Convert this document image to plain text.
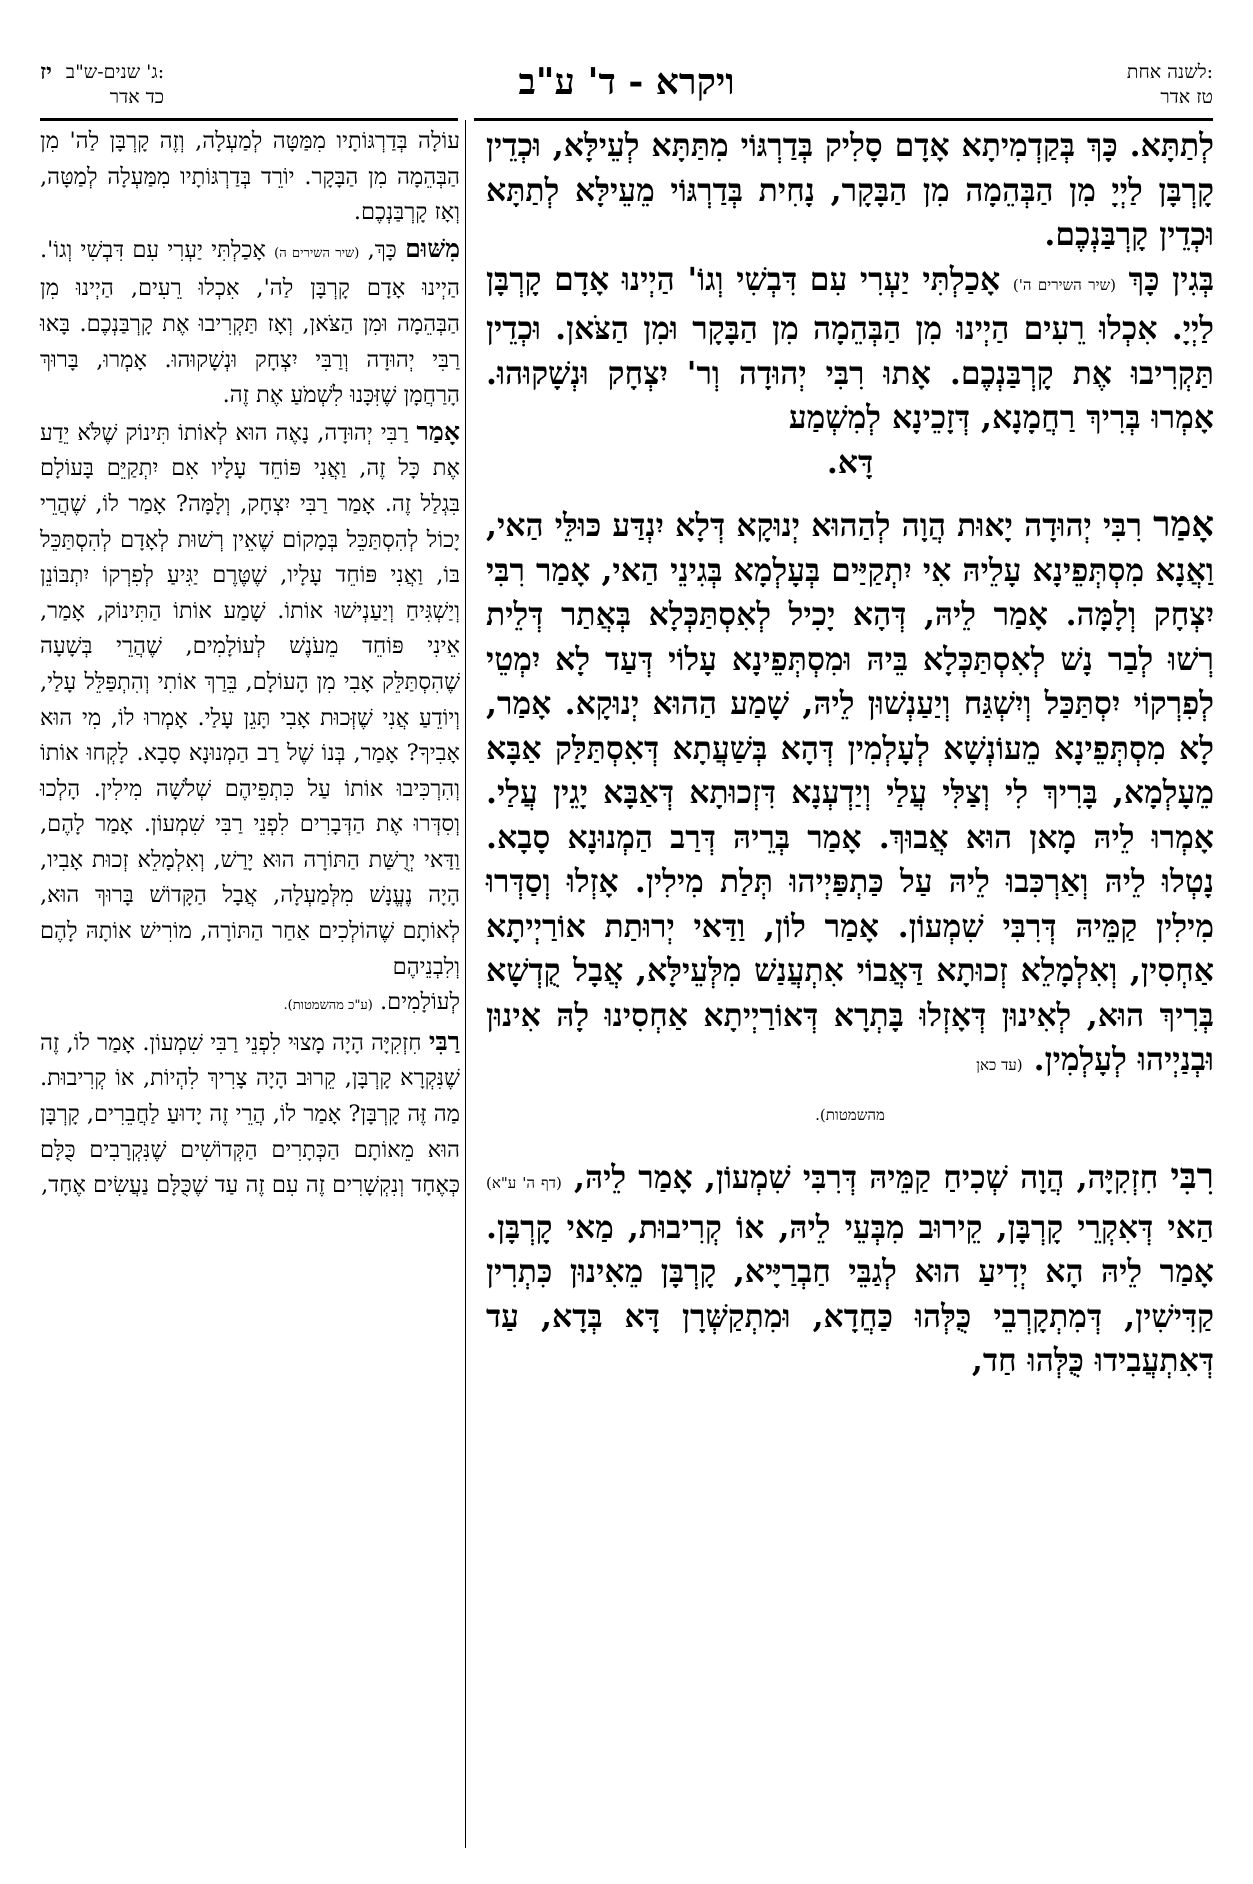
לשנה אחת:
טז אדר
ויקרא - ד' ע"ב
יז ג' שנים-ש"ב:
כד אדר

לְתַתָּא. כָּךְ בְּקַדְמִיתָא אָדָם סָלִיק בְּדַרְגּוֹי מִתַּתָּא לְעֵילָּא, וּכְדֵין קָרְבָּן לַיְיָ מִן הַבְּהֵמָה מִן הַבָּקָר, נָחִית בְּדַרְגּוֹי מֵעֵילָּא לְתַתָּא וּכְדֵין קָרְבַּנְכֶם.

בְּגִין כָּךְ (שיר השירים ה') אָכַלְתִּי יַעְרִי עִם דִּבְשִׁי וְגוֹ' הַיְינוּ אָדָם קָרְבָּן לַיְיָ. אִכְלוּ רֵעִים הַיְינוּ מִן הַבְּהֵמָה מִן הַבָּקָר וּמִן הַצֹּאן. וּכְדֵין תַּקְרִיבוּ אֶת קָרְבַּנְכֶם. אָתוּ רִבִּי יְהוּדָה וְר' יִצְחָק וּנְשָׁקוּהוּ. אָמְרוּ בְּרִיךְ רַחֲמָנָא, דְּזָכֵינָא לְמִשְׁמַע

דָּא.

אָמַר רִבִּי יְהוּדָה יָאוּת הֲוָה לְהַהוּא יְנוּקָא דְּלָא יִנְדַּע כּוּלֵּי הַאי, וַאֲנָא מִסְתְּפֵינָא עָלֵיהּ אִי יִתְקַיַּים בְּעָלְמָא בְּגִינֵי הַאי, אָמַר רִבִּי יִצְחָק וְלָמָּה. אָמַר לֵיהּ, דְּהָא יָכִיל לְאִסְתַּכְּלָא בְּאֲתַר דְּלֵית רְשׁוּ לְבַר נָשׁ לְאִסְתַּכְּלָא בֵּיהּ וּמִסְתְּפֵינָא עָלוֹי דְּעַד לָא יִמְטֵי לְפִרְקוֹי יִסְתַּכַּל וְיִשְׁגַּח וְיַעַנְשׁוּן לֵיהּ, שָׁמַע הַהוּא יְנוּקָא. אָמַר, לָא מִסְתְּפֵינָא מֵעוֹנְשָׁא לְעָלְמִין דְּהָא בְּשַׁעֲתָא דְּאִסְתַּלַּק אַבָּא מֵעָלְמָא, בָּרִיךְ לִי וְצַלִּי עֲלַי וְיַדְעְנָא דִּזְכוּתָא דְּאַבָּא יָגֵין עֲלַי. אָמְרוּ לֵיהּ מָאן הוּא אֲבוּךְ. אָמַר בְּרֵיהּ דְּרַב הַמְנוּנָא סָבָא. נָטְלוּ לֵיהּ וְאַרְכִּבוּ לֵיהּ עַל כַּתְפַּיְיהוּ תְּלַת מִילִין. אָזְלוּ וְסַדְּרוּ מִילִין קַמֵּיהּ דְּרִבִּי שִׁמְעוֹן. אָמַר לוֹן, וַדַּאי יְרוּתַת אוֹרַיְיתָא אַחְסִין, וְאִלְמָלֵא זְכוּתָא דַּאֲבוֹי אִתְעֲנַשׁ מִלְּעֵילָּא, אֲבָל קֻדְשָׁא בְּרִיךְ הוּא, לְאִינוּן דְּאָזְלוּ בָּתְרָא דְּאוֹרַיְיתָא אַחְסִינוּ לָהּ אִינוּן וּבְנַיְיהוּ לְעָלְמִין. (עד כאן

מהשמטות).

רִבִּי חִזְקִיָּה, הֲוָה שְׁכִיחַ קַמֵּיהּ דְּרִבִּי שִׁמְעוֹן, אָמַר לֵיהּ, (דף ה' ע"א) הַאי דְּאִקְרֵי קָרְבָּן, קֵירוּב מִבְּעֵי לֵיהּ, אוֹ קְרִיבוּת, מַאי קָרְבָּן. אָמַר לֵיהּ הָא יְדִיעַ הוּא לְגַבֵּי חַבְרַיָּיא, קָרְבָּן מֵאִינוּן כִּתְרִין קַדִּישִׁין, דְּמִתְקָרְבֵי כֻּלְּהוּ כַּחֲדָא, וּמִתְקַשְּׁרָן דָּא בְּדָא, עַד דְּאִתְעֲבִידוּ כֻּלְּהוּ חַד,

עוֹלָה בְּדַרְגּוֹתָיו מִמַּטָּה לְמַעְלָה, וְזֶה קָרְבָּן לַה' מִן הַבְּהֵמָה מִן הַבָּקָר. יוֹרֵד בְּדַרְגּוֹתָיו מִמַּעְלָה לְמַטָּה, וְאָז קָרְבַּנְכֶם.

מִשּׁוּם כָּךְ, (שיר השירים ה) אָכַלְתִּי יַעְרִי עִם דִּבְשִׁי וְגוֹ'. הַיְינוּ אָדָם קָרְבָּן לַה', אִכְלוּ רֵעִים, הַיְינוּ מִן הַבְּהֵמָה וּמִן הַצֹּאן, וְאָז תַּקְרִיבוּ אֶת קָרְבַּנְכֶם. בָּאוּ רַבִּי יְהוּדָה וְרַבִּי יִצְחָק וּנְשָׁקוּהוּ. אָמְרוּ, בָּרוּךְ הָרַחֲמָן שֶׁזִּכָּנוּ לִשְׁמֹעַ אֶת זֶה.

אָמַר רַבִּי יְהוּדָה, נָאֶה הוּא לְאוֹתוֹ תִּינוֹק שֶׁלֹּא יֵדַע אֶת כָּל זֶה, וַאֲנִי פּוֹחֵד עָלָיו אִם יִתְקַיֵּם בָּעוֹלָם בִּגְלַל זֶה. אָמַר רַבִּי יִצְחָק, וְלָמָּה? אָמַר לוֹ, שֶׁהֲרֵי יָכוֹל לְהִסְתַּכֵּל בְּמָקוֹם שֶׁאֵין רְשׁוּת לְאָדָם לְהִסְתַּכֵּל בּוֹ, וַאֲנִי פּוֹחֵד עָלָיו, שֶׁטֶּרֶם יַגִּיעַ לְפִרְקוֹ יִתְבּוֹנֵן וְיַשְׁגִּיחַ וְיַעַנְישׁוּ אוֹתוֹ. שָׁמַע אוֹתוֹ הַתִּינוֹק, אָמַר, אֵינִי פּוֹחֵד מֵעֹנֶשׁ לְעוֹלָמִים, שֶׁהֲרֵי בְּשָׁעָה שֶׁהִסְתַּלֵּק אָבִי מִן הָעוֹלָם, בֵּרַךְ אוֹתִי וְהִתְפַּלֵּל עָלַי, וְיוֹדֵעַ אֲנִי שֶׁזְּכוּת אָבִי תָּגֵן עָלַי. אָמְרוּ לוֹ, מִי הוּא אָבִיךָ? אָמַר, בְּנוֹ שֶׁל רַב הַמְנוּנָא סָבָא. לָקְחוּ אוֹתוֹ וְהִרְכִּיבוּ אוֹתוֹ עַל כִּתְפֵיהֶם שְׁלֹשָׁה מִילִין. הָלְכוּ וְסִדְּרוּ אֶת הַדְּבָרִים לִפְנֵי רַבִּי שִׁמְעוֹן. אָמַר לָהֶם, וַדַּאי יְרֻשַּׁת הַתּוֹרָה הוּא יָרַשׁ, וְאִלְמָלֵא זְכוּת אָבִיו, הָיָה נֶעֱנָשׁ מִלְּמַעְלָה, אֲבָל הַקָּדוֹשׁ בָּרוּךְ הוּא, לְאוֹתָם שֶׁהוֹלְכִים אַחַר הַתּוֹרָה, מוֹרִישׁ אוֹתָהּ לָהֶם וְלִבְנֵיהֶם

לְעוֹלָמִים. (ע"כ מהשמטות).

רַבִּי חִזְקִיָּה הָיָה מָצוּי לִפְנֵי רַבִּי שִׁמְעוֹן. אָמַר לוֹ, זֶה שֶׁנִּקְרָא קָרְבָּן, קֵרוּב הָיָה צָרִיךְ לִהְיוֹת, אוֹ קְרִיבוּת. מַה זֶּה קָרְבָּן? אָמַר לוֹ, הֲרֵי זֶה יָדוּעַ לַחֲבֵרִים, קָרְבָּן הוּא מֵאוֹתָם הַכְּתָרִים הַקְּדוֹשִׁים שֶׁנִּקְרָבִים כֻּלָּם כְּאֶחָד וְנִקְשָׁרִים זֶה עִם זֶה עַד שֶׁכֻּלָּם נַעֲשִׂים אֶחָד,
